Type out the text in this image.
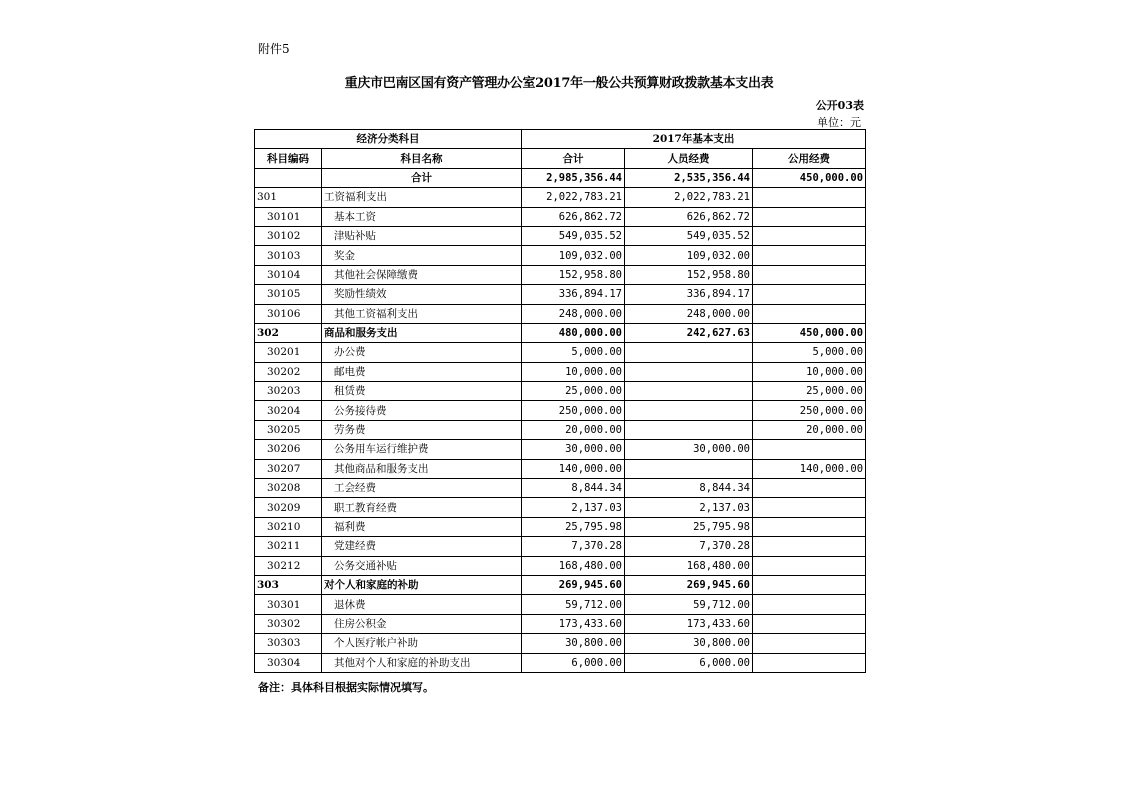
附件5
重庆市巴南区国有资产管理办公室2017年一般公共预算财政拨款基本支出表
公开03表
单位：元
经济分类科目		2017年基本支出		
科目编码	科目名称	合计	人员经费	公用经费
	合计	2,985,356.44	2,535,356.44	450,000.00
301	工资福利支出	2,022,783.21	2,022,783.21	
30101	基本工资	626,862.72	626,862.72	
30102	津贴补贴	549,035.52	549,035.52	
30103	奖金	109,032.00	109,032.00	
30104	其他社会保障缴费	152,958.80	152,958.80	
30105	奖励性绩效	336,894.17	336,894.17	
30106	其他工资福利支出	248,000.00	248,000.00	
302	商品和服务支出	480,000.00	242,627.63	450,000.00
30201	办公费	5,000.00		5,000.00
30202	邮电费	10,000.00		10,000.00
30203	租赁费	25,000.00		25,000.00
30204	公务接待费	250,000.00		250,000.00
30205	劳务费	20,000.00		20,000.00
30206	公务用车运行维护费	30,000.00	30,000.00	
30207	其他商品和服务支出	140,000.00		140,000.00
30208	工会经费	8,844.34	8,844.34	
30209	职工教育经费	2,137.03	2,137.03	
30210	福利费	25,795.98	25,795.98	
30211	党建经费	7,370.28	7,370.28	
30212	公务交通补贴	168,480.00	168,480.00	
303	对个人和家庭的补助	269,945.60	269,945.60	
30301	退休费	59,712.00	59,712.00	
30302	住房公积金	173,433.60	173,433.60	
30303	个人医疗帐户补助	30,800.00	30,800.00	
30304	其他对个人和家庭的补助支出	6,000.00	6,000.00	
备注：具体科目根据实际情况填写。
